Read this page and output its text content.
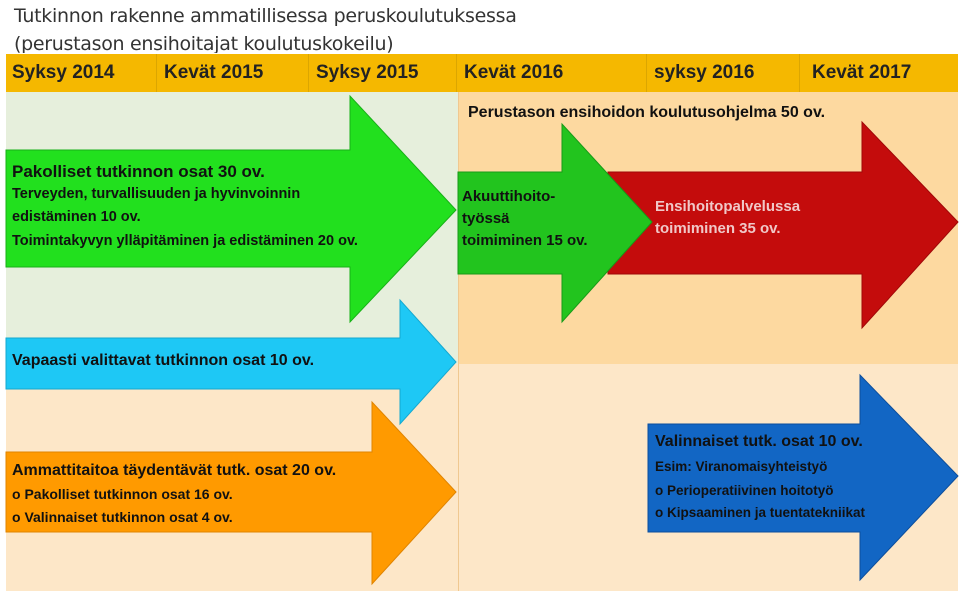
Tutkinnon rakenne ammatillisessa peruskoulutuksessa
(perustason ensihoitajat koulutuskokeilu)
Syksy 2014	Kevät 2015	Syksy 2015 Kevät 2016	syksy 2016	Kevät 2017
Perustason ensihoidon koulutusohjelma 50 ov.
Pakolliset tutkinnon osat 30 ov.
Terveyden, turvallisuuden ja hyvinvoinnin
edistäminen 10 ov.
Toimintakyvyn ylläpitäminen ja edistäminen 20 ov.
Akuuttihoito-
työssä
toimiminen 15 ov.
Ensihoitopalvelussa
toimiminen 35 ov.
Vapaasti valittavat tutkinnon osat 10 ov.
Ammattitaitoa täydentävät tutk. osat 20 ov.
o Pakolliset tutkinnon osat 16 ov.
o Valinnaiset tutkinnon osat 4 ov.
Valinnaiset tutk. osat 10 ov.
Esim: Viranomaisyhteistyö
o Perioperatiivinen hoitotyö
o Kipsaaminen ja tuentatekniikat
